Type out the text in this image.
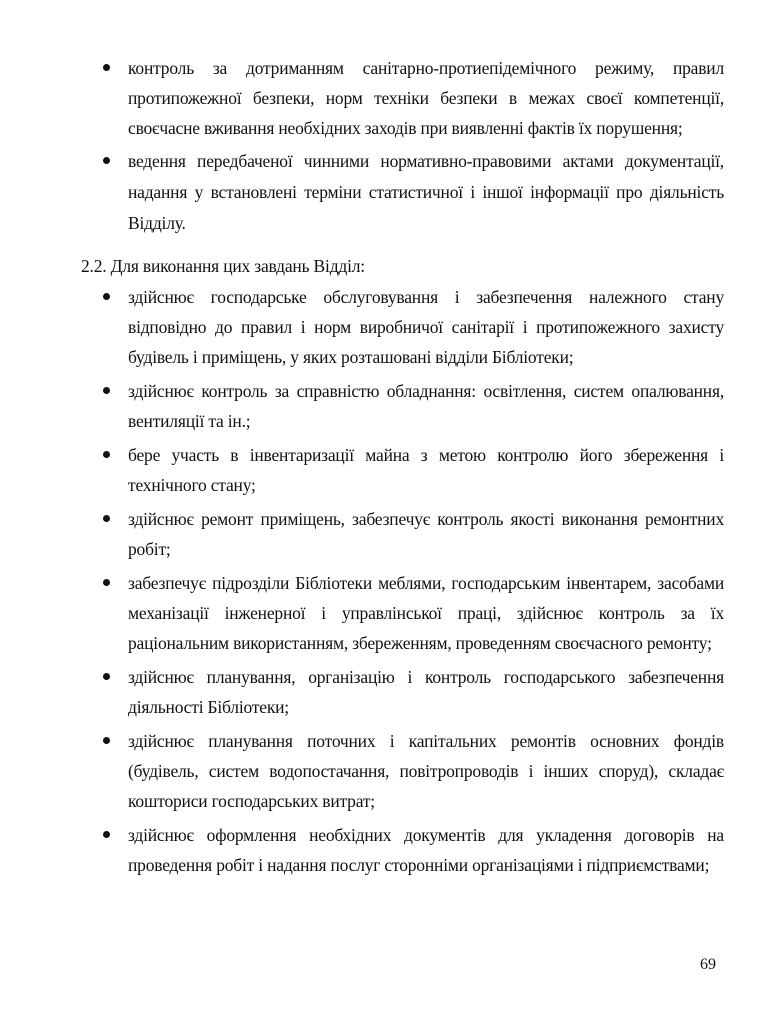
контроль за дотриманням санітарно-протиепідемічного режиму, правил протипожежної безпеки, норм техніки безпеки в межах своєї компетенції, своєчасне вживання необхідних заходів при виявленні фактів їх порушення;
ведення передбаченої чинними нормативно-правовими актами документації, надання у встановлені терміни статистичної і іншої інформації про діяльність Відділу.
2.2. Для виконання цих завдань Відділ:
здійснює господарське обслуговування і забезпечення належного стану відповідно до правил і норм виробничої санітарії і протипожежного захисту будівель і приміщень, у яких розташовані відділи Бібліотеки;
здійснює контроль за справністю обладнання: освітлення, систем опалювання, вентиляції та ін.;
бере участь в інвентаризації майна з метою контролю його збереження і технічного стану;
здійснює ремонт приміщень, забезпечує контроль якості виконання ремонтних робіт;
забезпечує підрозділи Бібліотеки меблями, господарським інвентарем, засобами механізації інженерної і управлінської праці, здійснює контроль за їх раціональним використанням, збереженням, проведенням своєчасного ремонту;
здійснює планування, організацію і контроль господарського забезпечення діяльності Бібліотеки;
здійснює планування поточних і капітальних ремонтів основних фондів (будівель, систем водопостачання, повітропроводів і інших споруд), складає кошториси господарських витрат;
здійснює оформлення необхідних документів для укладення договорів на проведення робіт і надання послуг сторонніми організаціями і підприємствами;
69
